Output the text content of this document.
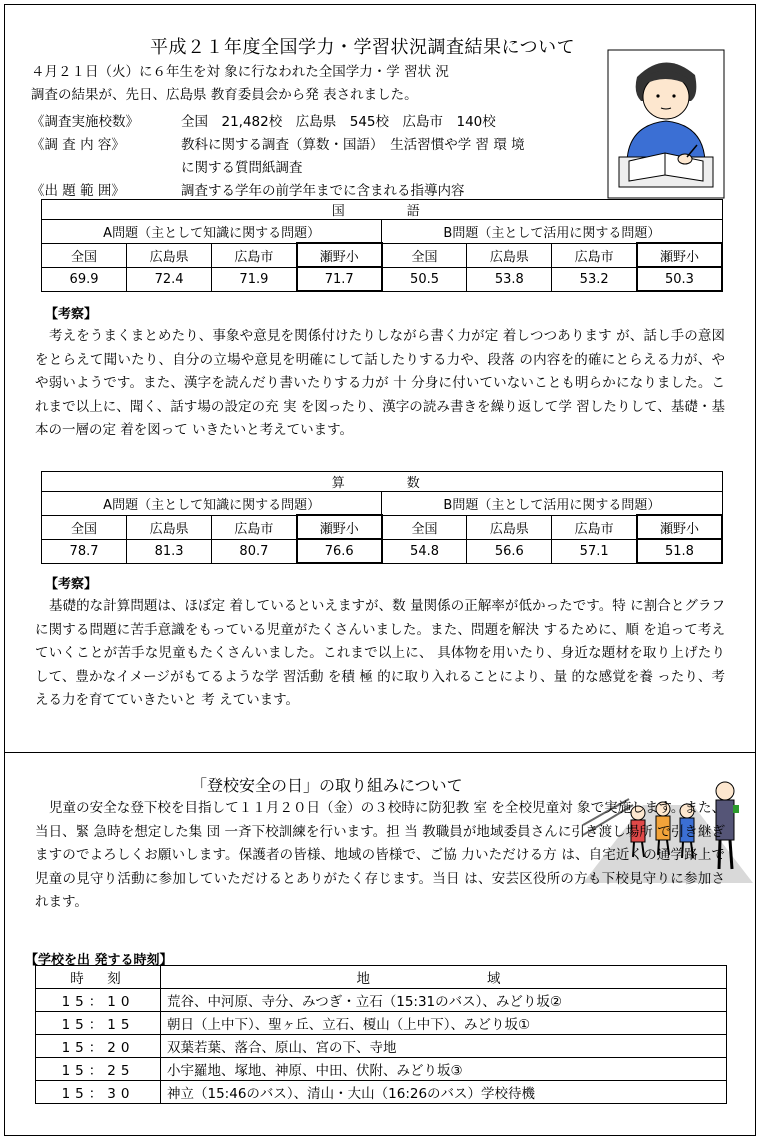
平成２１年度全国学力・学習状況調査結果について

４月２１日（火）に６年生を対 象に行なわれた全国学力・学 習状 況

調査の結果が、先日、広島県 教育委員会から発 表されました。

《調査実施校数》	全国　21,482校　広島県　545校　広島市　140校
《調 査 内 容》	教科に関する調査（算数・国語）　生活習慣や学 習 環 境
に関する質問紙調査
《出 題 範 囲》	調査する学年の前学年までに含まれる指導内容
国　　語							
A問題（主として知識に関する問題）				B問題（主として活用に関する問題）			
全国	広島県	広島市	瀬野小	全国	広島県	広島市	瀬野小
69.9	72.4	71.9	71.7	50.5	53.8	53.2	50.3
【考察】
考えをうまくまとめたり、事象や意見を関係付けたりしながら書く力が定 着しつつあります が、話し手の意図をとらえて聞いたり、自分の立場や意見を明確にして話したりする力や、段落 の内容を的確にとらえる力が、やや弱いようです。また、漢字を読んだり書いたりする力が 十 分身に付いていないことも明らかになりました。これまで以上に、聞く、話す場の設定の充 実 を図ったり、漢字の読み書きを繰り返して学 習したりして、基礎・基本の一層の定 着を図って いきたいと考えています。
算　　数							
A問題（主として知識に関する問題）				B問題（主として活用に関する問題）			
全国	広島県	広島市	瀬野小	全国	広島県	広島市	瀬野小
78.7	81.3	80.7	76.6	54.8	56.6	57.1	51.8
【考察】
基礎的な計算問題は、ほぼ定 着しているといえますが、数 量関係の正解率が低かったです。特 に割合とグラフに関する問題に苦手意識をもっている児童がたくさんいました。また、問題を解決 するために、順 を追って考えていくことが苦手な児童もたくさんいました。これまで以上に、 具体物を用いたり、身近な題材を取り上げたりして、豊かなイメージがもてるような学 習活動 を積 極 的に取り入れることにより、量 的な感覚を養 ったり、考える力を育てていきたいと 考 えています。
「登校安全の日」の取り組みについて
児童の安全な登下校を目指して１１月２０日（金）の３校時に防犯教 室 を全校児童対 象で実施します。また、当日、緊 急時を想定した集 団 一斉下校訓練を行います。担 当 教職員が地域委員さんに引き渡し場所 で引き継ぎますのでよろしくお願いします。保護者の皆様、地域の皆様で、ご協 力いただける方 は、自宅近くの通学路上で児童の見守り活動に参加していただけるとありがたく存じます。当日 は、安芸区役所の方も下校見守りに参加されます。
【学校を出 発する時刻】
時　刻	地　　域
15：10	荒谷、中河原、寺分、みつぎ・立石（15:31のバス）、みどり坂②
15：15	朝日（上中下）、聖ヶ丘、立石、榎山（上中下）、みどり坂①
15：20	双葉若葉、落合、原山、宮の下、寺地
15：25	小宇羅地、塚地、神原、中田、伏附、みどり坂③
15：30	神立（15:46のバス）、清山・大山（16:26のバス）学校待機
